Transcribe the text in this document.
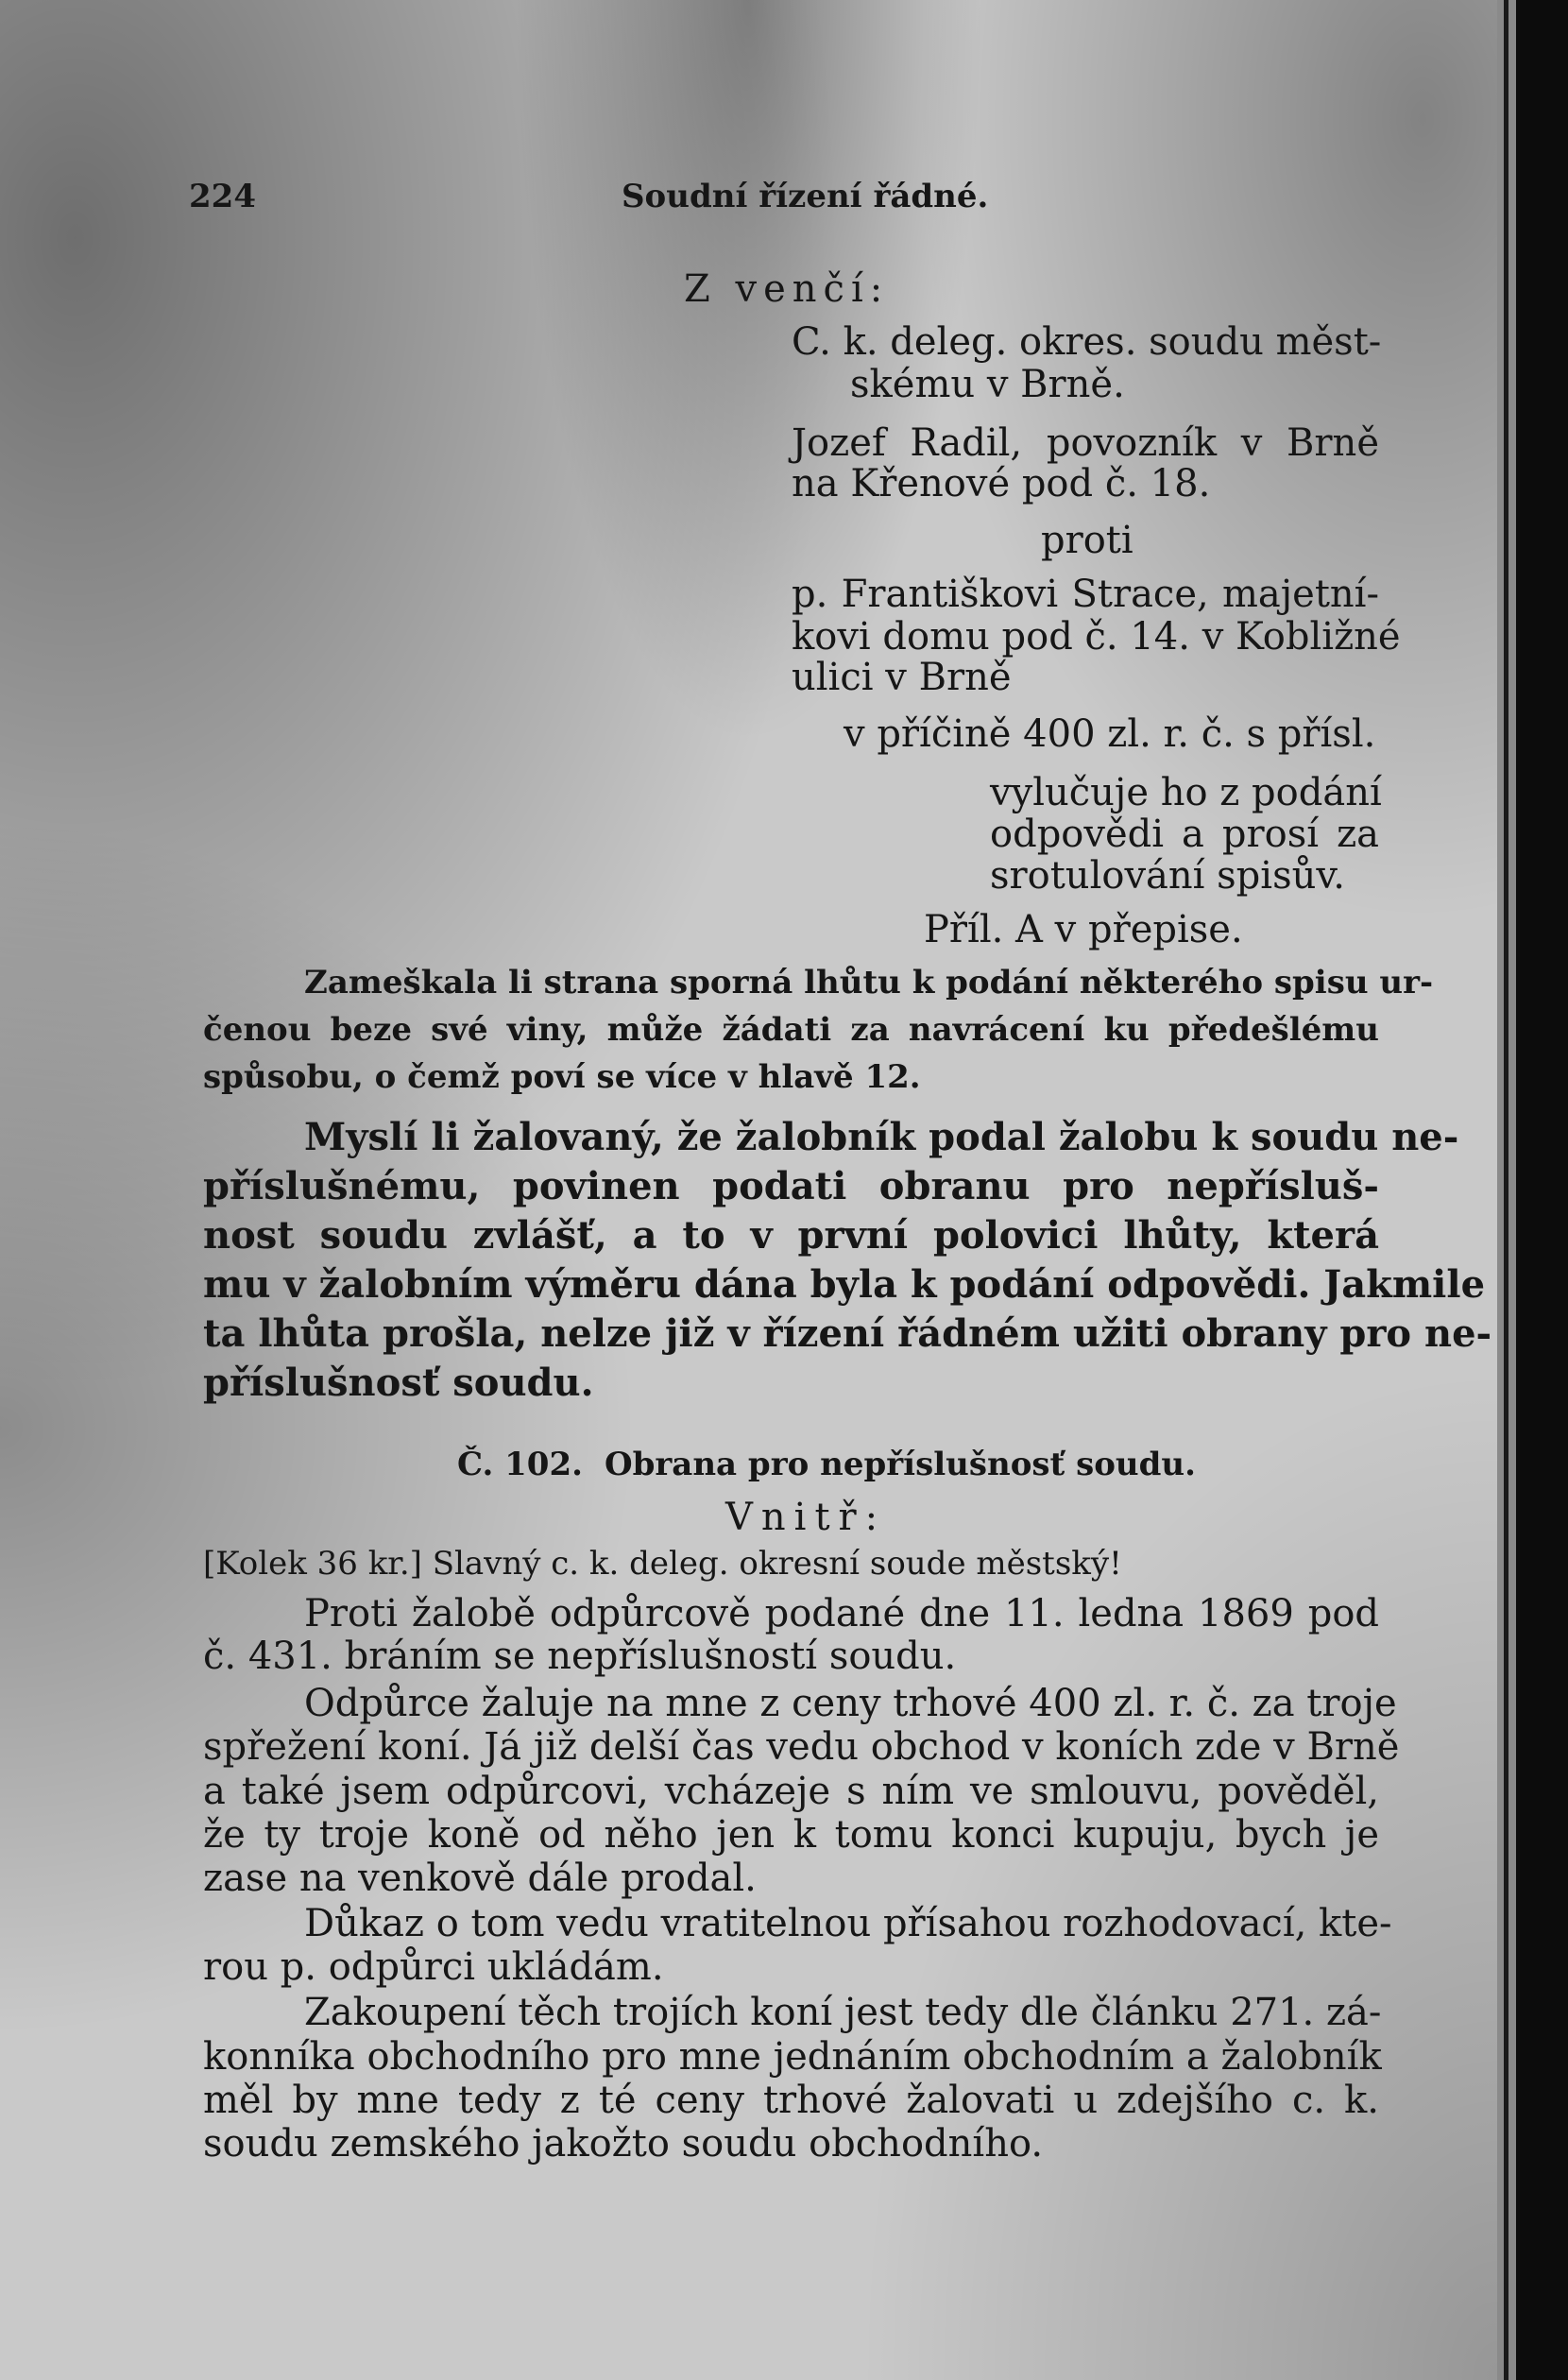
224	Soudní řízení řádné.
Z venčí:
C. k. deleg. okres. soudu měst-
skému v Brně.
Jozef Radil, povozník v Brně
na Křenové pod č. 18.
proti
p. Františkovi Strace, majetní-
kovi domu pod č. 14. v Kobližné
ulici v Brně
v příčině 400 zl. r. č. s přísl.
vylučuje ho z podání
odpovědi a prosí za
srotulování spisův.
Příl. A v přepise.
Zameškala li strana sporná lhůtu k podání některého spisu ur-
čenou beze své viny, může žádati za navrácení ku předešlému
spůsobu, o čemž poví se více v hlavě 12.
Myslí li žalovaný, že žalobník podal žalobu k soudu ne-
příslušnému, povinen podati obranu pro nepřísluš-
nost soudu zvlášť, a to v první polovici lhůty, která
mu v žalobním výměru dána byla k podání odpovědi. Jakmile
ta lhůta prošla, nelze již v řízení řádném užiti obrany pro ne-
příslušnosť soudu.
Č. 102. Obrana pro nepříslušnosť soudu.
Vnitř:
[Kolek 36 kr.] Slavný c. k. deleg. okresní soude městský!
Proti žalobě odpůrcově podané dne 11. ledna 1869 pod
č. 431. bráním se nepříslušností soudu.
Odpůrce žaluje na mne z ceny trhové 400 zl. r. č. za troje
spřežení koní. Já již delší čas vedu obchod v koních zde v Brně
a také jsem odpůrcovi, vcházeje s ním ve smlouvu, pověděl,
že ty troje koně od něho jen k tomu konci kupuju, bych je
zase na venkově dále prodal.
Důkaz o tom vedu vratitelnou přísahou rozhodovací, kte-
rou p. odpůrci ukládám.
Zakoupení těch trojích koní jest tedy dle článku 271. zá-
konníka obchodního pro mne jednáním obchodním a žalobník
měl by mne tedy z té ceny trhové žalovati u zdejšího c. k.
soudu zemského jakožto soudu obchodního.
